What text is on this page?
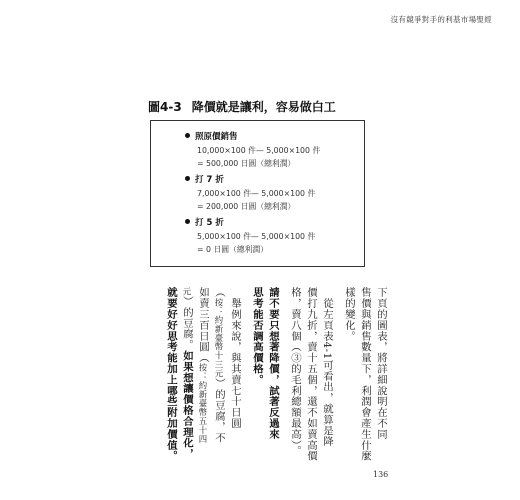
沒有競爭對手的利基市場聖經
圖4-3 降價就是讓利，容易做白工
照原價銷售
10,000×100 件— 5,000×100 件
= 500,000 日圓（總利潤）
打 7 折
7,000×100 件— 5,000×100 件
= 200,000 日圓（總利潤）
打 5 折
5,000×100 件— 5,000×100 件
= 0 日圓（總利潤）
下頁的圖表，將詳細說明在不同
售價與銷售數量下，利潤會產生什麼
樣的變化。
　從左頁表4-1可看出，就算是降
價打九折，賣十五個，還不如賣高價
格，賣八個（③的毛利總額最高）。
請不要只想著降價，試著反過來
思考能否調高價格。
　舉例來說，與其賣七十日圓
（按：約新臺幣十三元）的豆腐，不
如賣三百日圓（按：約新臺幣五十四
元）的豆腐。如果想讓價格合理化，
就要好好思考能加上哪些附加價值。
136
